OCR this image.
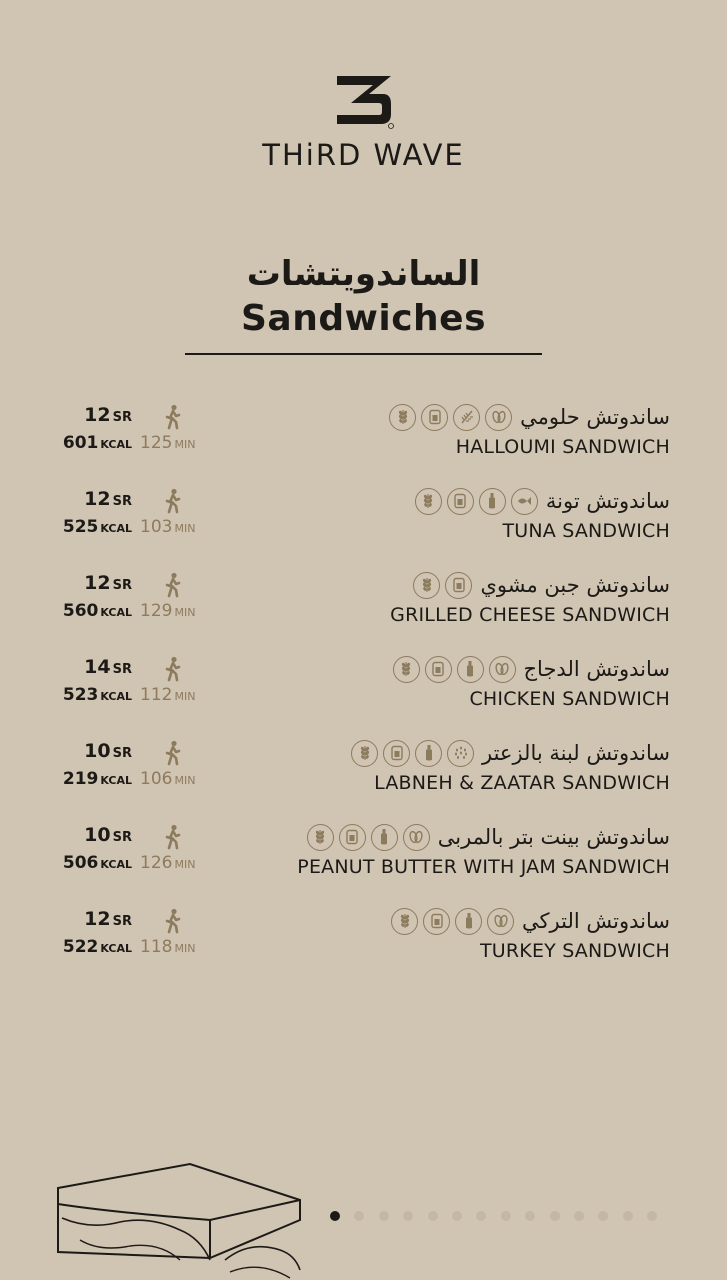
THiRD WAVE
الساندويتشات
Sandwiches
12 SR
601 KCAL 125 MIN
ساندوتش حلومي
HALLOUMI SANDWICH
12 SR
525 KCAL 103 MIN
ساندوتش تونة
TUNA SANDWICH
12 SR
560 KCAL 129 MIN
ساندوتش جبن مشوي
GRILLED CHEESE SANDWICH
14 SR
523 KCAL 112 MIN
ساندوتش الدجاج
CHICKEN SANDWICH
10 SR
219 KCAL 106 MIN
ساندوتش لبنة بالزعتر
LABNEH & ZAATAR SANDWICH
10 SR
506 KCAL 126 MIN
ساندوتش بينت بتر بالمربى
PEANUT BUTTER WITH JAM SANDWICH
12 SR
522 KCAL 118 MIN
ساندوتش التركي
TURKEY SANDWICH
